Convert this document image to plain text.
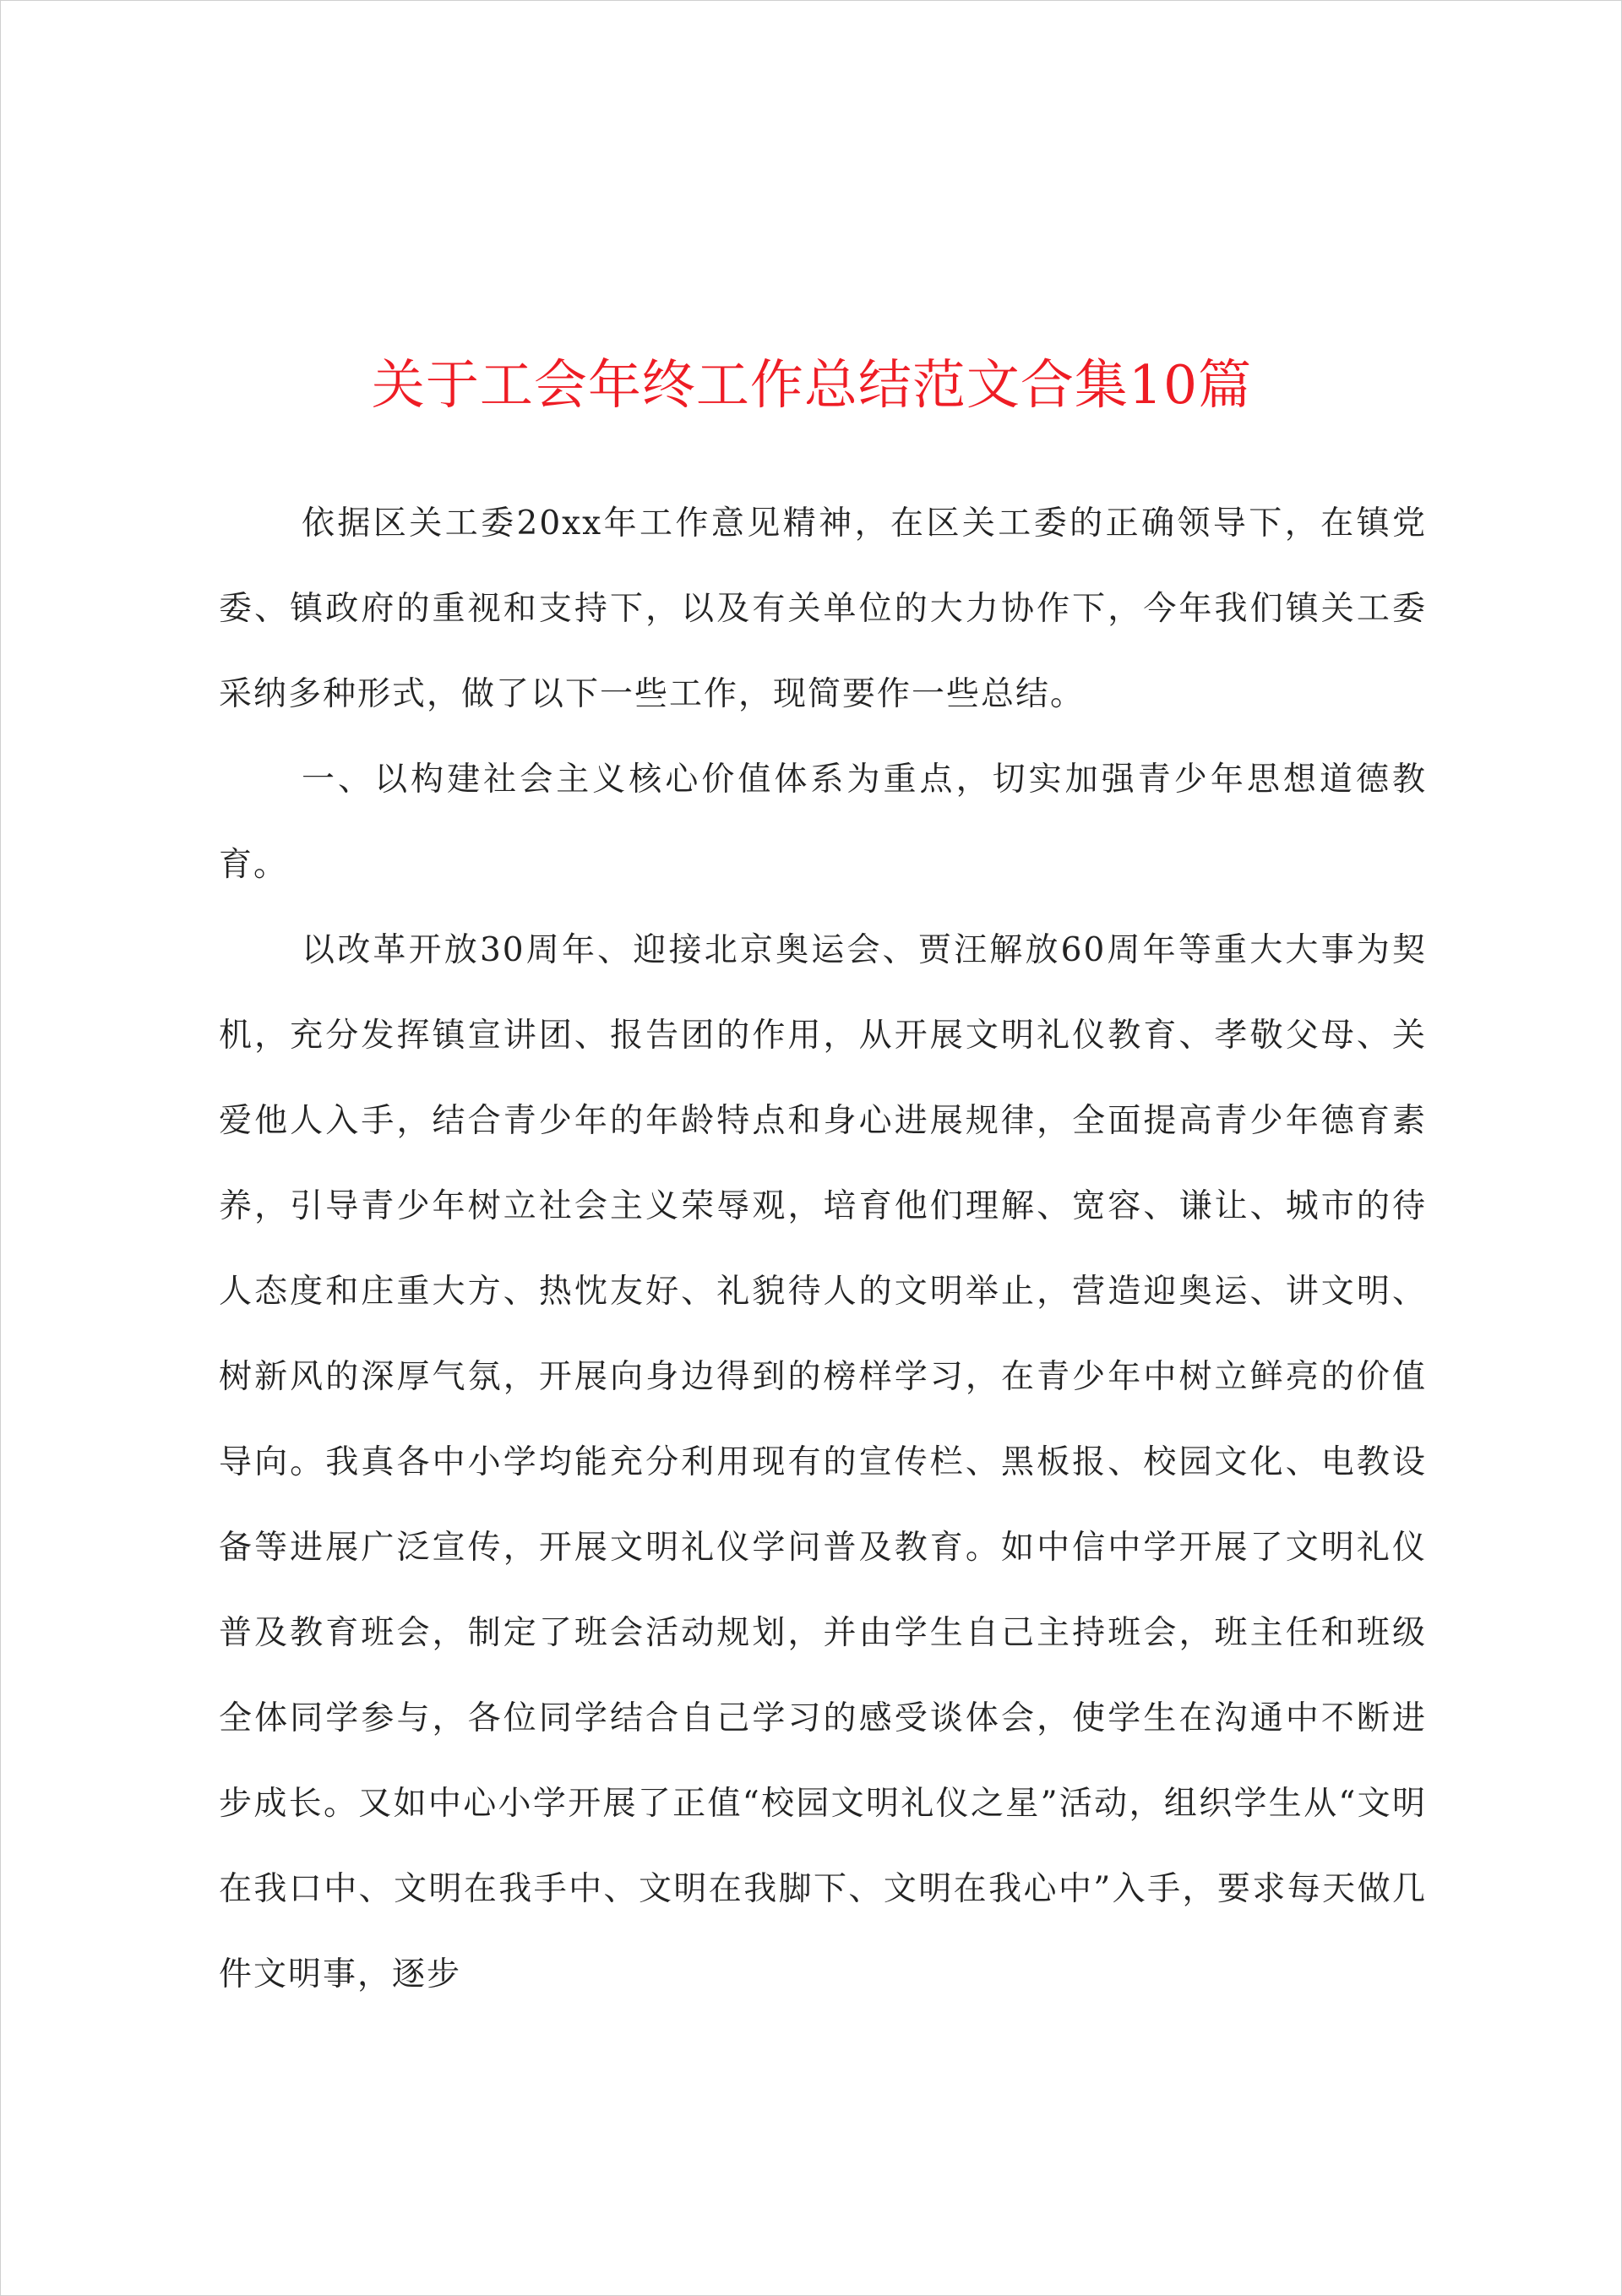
关于工会年终工作总结范文合集10篇

依据区关工委20xx年工作意见精神，在区关工委的正确领导下，在镇党委、镇政府的重视和支持下，以及有关单位的大力协作下，今年我们镇关工委采纳多种形式，做了以下一些工作，现简要作一些总结。

一、以构建社会主义核心价值体系为重点，切实加强青少年思想道德教育。

以改革开放30周年、迎接北京奥运会、贾汪解放60周年等重大大事为契机，充分发挥镇宣讲团、报告团的作用，从开展文明礼仪教育、孝敬父母、关爱他人入手，结合青少年的年龄特点和身心进展规律，全面提高青少年德育素养，引导青少年树立社会主义荣辱观，培育他们理解、宽容、谦让、城市的待人态度和庄重大方、热忱友好、礼貌待人的文明举止，营造迎奥运、讲文明、树新风的深厚气氛，开展向身边得到的榜样学习，在青少年中树立鲜亮的价值导向。我真各中小学均能充分利用现有的宣传栏、黑板报、校园文化、电教设备等进展广泛宣传，开展文明礼仪学问普及教育。如中信中学开展了文明礼仪普及教育班会，制定了班会活动规划，并由学生自己主持班会，班主任和班级全体同学参与，各位同学结合自己学习的感受谈体会，使学生在沟通中不断进步成长。又如中心小学开展了正值“校园文明礼仪之星”活动，组织学生从“文明在我口中、文明在我手中、文明在我脚下、文明在我心中”入手，要求每天做几件文明事，逐步
